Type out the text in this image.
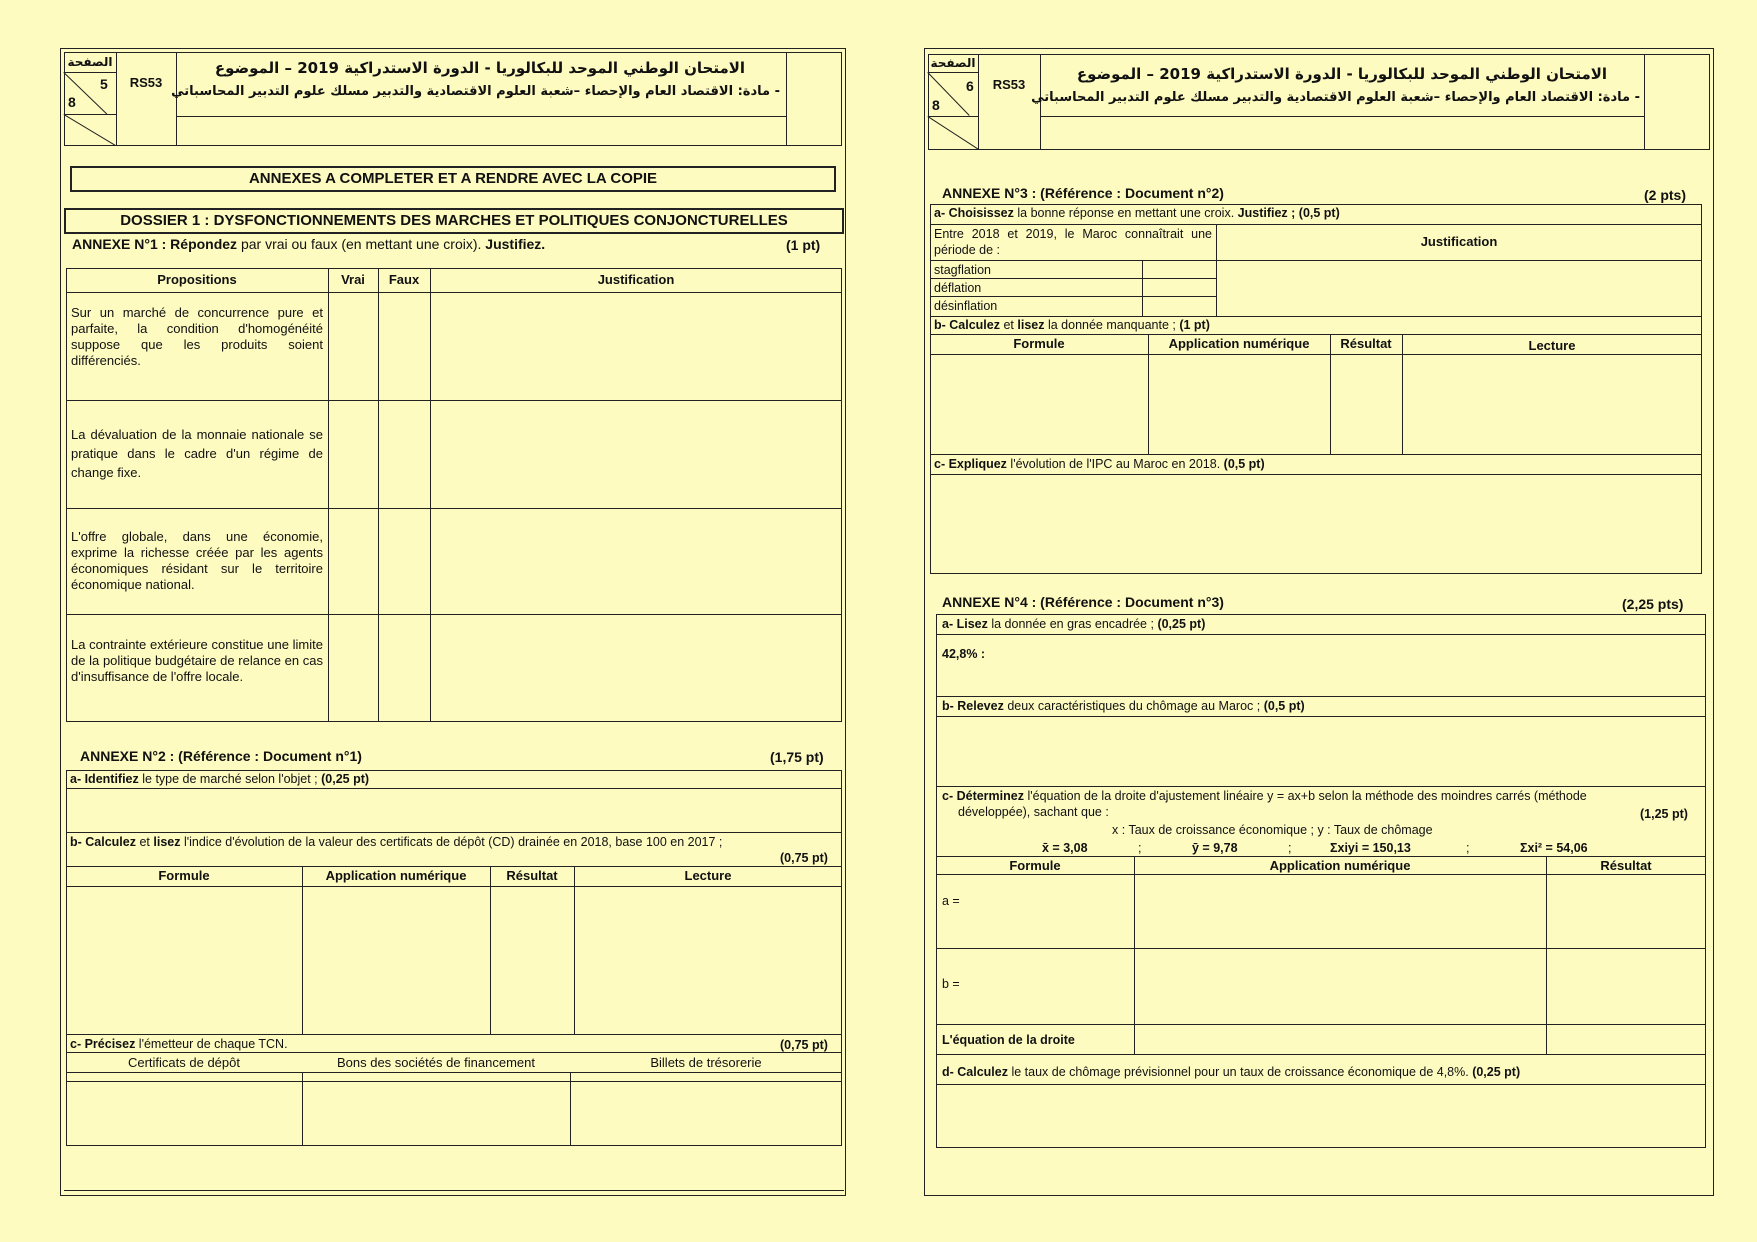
الصفحة
5
8
RS53
الامتحان الوطني الموحد للبكالوريا - الدورة الاستدراكية 2019 – الموضوع
- مادة: الاقتصاد العام والإحصاء –شعبة العلوم الاقتصادية والتدبير مسلك علوم التدبير المحاسباتي
ANNEXES A COMPLETER ET A RENDRE AVEC LA COPIE
DOSSIER 1 : DYSFONCTIONNEMENTS DES MARCHES ET POLITIQUES CONJONCTURELLES
ANNEXE N°1 : Répondez par vrai ou faux (en mettant une croix). Justifiez.	(1 pt)
Propositions	Vrai	Faux	Justification
Sur un marché de concurrence pure et parfaite, la condition d'homogénéité suppose que les produits soient différenciés.
La dévaluation de la monnaie nationale se pratique dans le cadre d'un régime de change fixe.
L'offre globale, dans une économie, exprime la richesse créée par les agents économiques résidant sur le territoire économique national.
La contrainte extérieure constitue une limite de la politique budgétaire de relance en cas d'insuffisance de l'offre locale.
ANNEXE N°2 : (Référence : Document n°1)	(1,75 pt)
a- Identifiez le type de marché selon l'objet ; (0,25 pt)
b- Calculez et lisez l'indice d'évolution de la valeur des certificats de dépôt (CD) drainée en 2018, base 100 en 2017 ;
(0,75 pt)
Formule	Application numérique	Résultat	Lecture
c- Précisez l'émetteur de chaque TCN.	(0,75 pt)
Certificats de dépôt	Bons des sociétés de financement	Billets de trésorerie
الصفحة
6
8
RS53
الامتحان الوطني الموحد للبكالوريا - الدورة الاستدراكية 2019 – الموضوع
- مادة: الاقتصاد العام والإحصاء –شعبة العلوم الاقتصادية والتدبير مسلك علوم التدبير المحاسباتي
ANNEXE N°3 : (Référence : Document n°2)	(2 pts)
a- Choisissez la bonne réponse en mettant une croix. Justifiez ; (0,5 pt)
Entre 2018 et 2019, le Maroc connaîtrait une période de :
Justification
stagflation
déflation
désinflation
b- Calculez et lisez la donnée manquante ; (1 pt)
Formule	Application numérique	Résultat	Lecture
c- Expliquez l'évolution de l'IPC au Maroc en 2018. (0,5 pt)
ANNEXE N°4 : (Référence : Document n°3)	(2,25 pts)
a- Lisez la donnée en gras encadrée ; (0,25 pt)
42,8% :
b- Relevez deux caractéristiques du chômage au Maroc ; (0,5 pt)
c- Déterminez l'équation de la droite d'ajustement linéaire y = ax+b selon la méthode des moindres carrés (méthode
développée), sachant que :	(1,25 pt)
x : Taux de croissance économique ; y : Taux de chômage
x̄ = 3,08	;	ȳ = 9,78	;	Σxiyi = 150,13	;	Σxi² = 54,06
Formule	Application numérique	Résultat
a =
b =
L'équation de la droite
d- Calculez le taux de chômage prévisionnel pour un taux de croissance économique de 4,8%. (0,25 pt)
